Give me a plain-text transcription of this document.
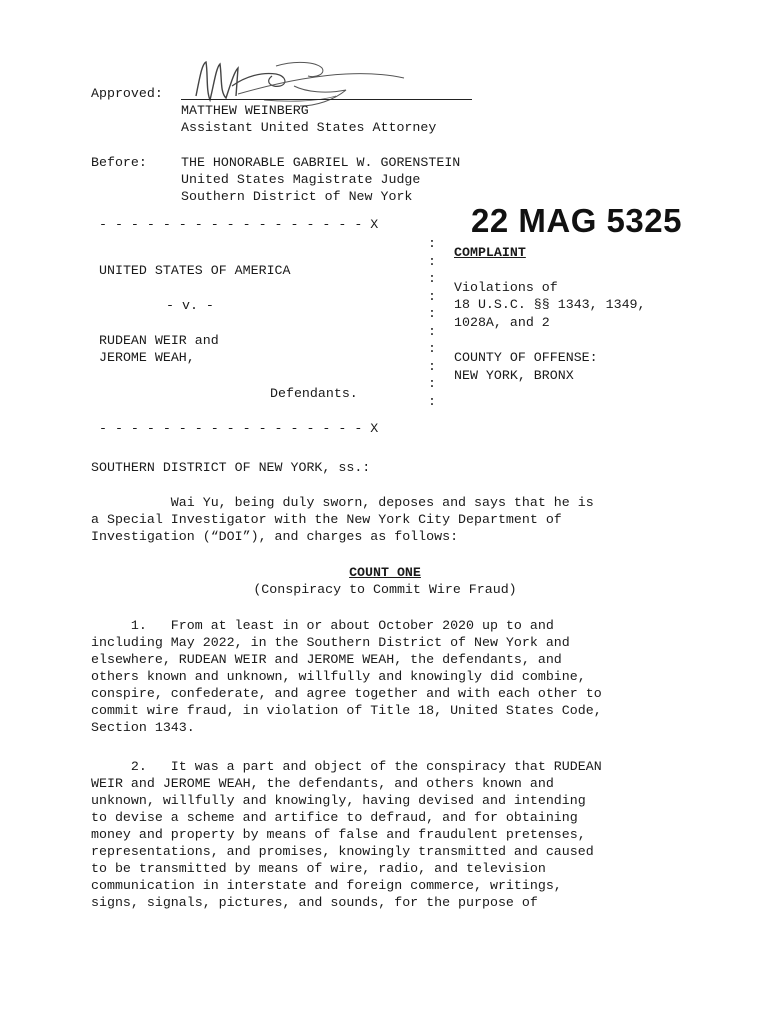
Approved:
MATTHEW WEINBERG
Assistant United States Attorney
Before:	THE HONORABLE GABRIEL W. GORENSTEIN
United States Magistrate Judge
Southern District of New York
22 MAG 5325
- - - - - - - - - - - - - - - - - X
:
:
:
:
:
:
:
:
:
:
UNITED STATES OF AMERICA
- v. -
RUDEAN WEIR and
JEROME WEAH,
Defendants.
- - - - - - - - - - - - - - - - - X
COMPLAINT
Violations of
18 U.S.C. §§ 1343, 1349,
1028A, and 2
COUNTY OF OFFENSE:
NEW YORK, BRONX
SOUTHERN DISTRICT OF NEW YORK, ss.:
Wai Yu, being duly sworn, deposes and says that he is
a Special Investigator with the New York City Department of
Investigation (“DOI”), and charges as follows:
COUNT ONE
(Conspiracy to Commit Wire Fraud)
1.   From at least in or about October 2020 up to and
including May 2022, in the Southern District of New York and
elsewhere, RUDEAN WEIR and JEROME WEAH, the defendants, and
others known and unknown, willfully and knowingly did combine,
conspire, confederate, and agree together and with each other to
commit wire fraud, in violation of Title 18, United States Code,
Section 1343.
2.   It was a part and object of the conspiracy that RUDEAN
WEIR and JEROME WEAH, the defendants, and others known and
unknown, willfully and knowingly, having devised and intending
to devise a scheme and artifice to defraud, and for obtaining
money and property by means of false and fraudulent pretenses,
representations, and promises, knowingly transmitted and caused
to be transmitted by means of wire, radio, and television
communication in interstate and foreign commerce, writings,
signs, signals, pictures, and sounds, for the purpose of
